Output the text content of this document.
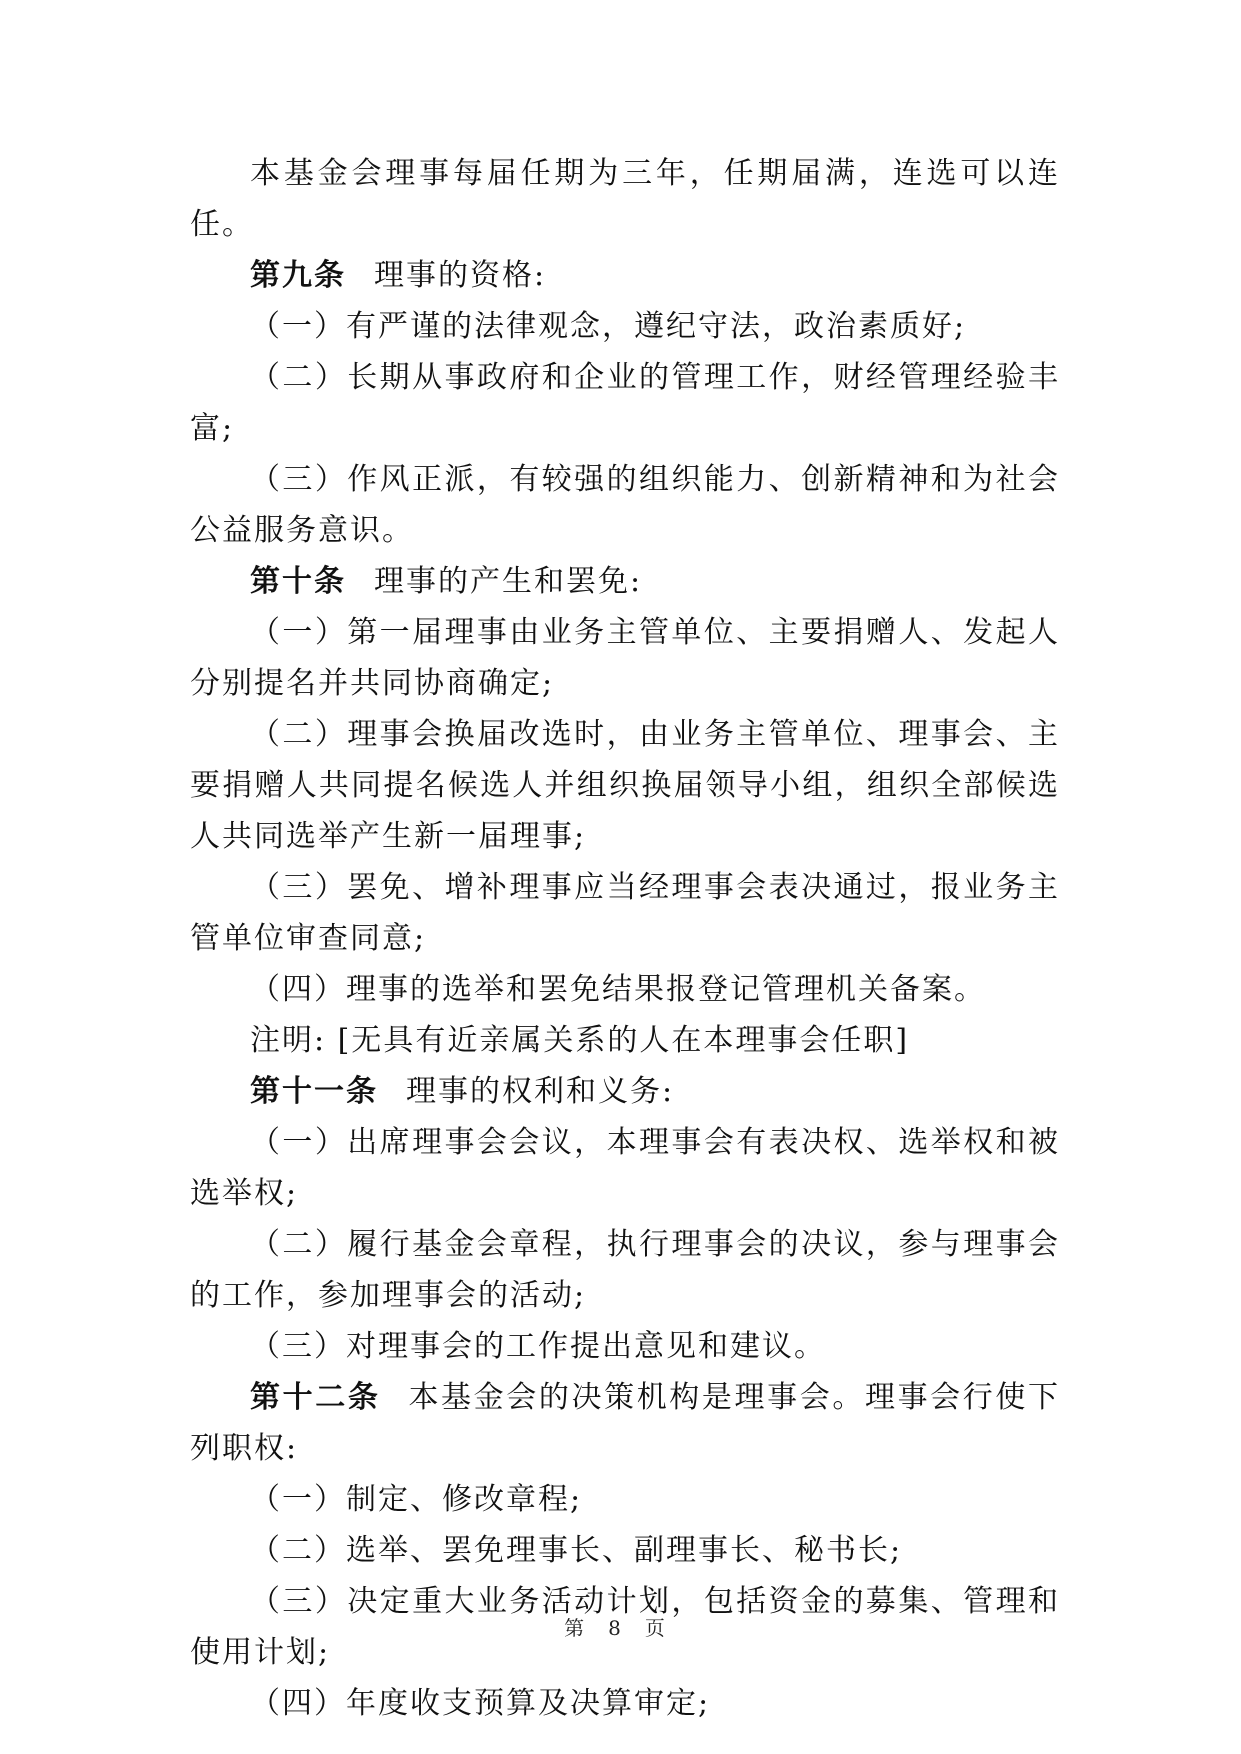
本基金会理事每届任期为三年，任期届满，连选可以连任。

第九条 理事的资格:

（一）有严谨的法律观念，遵纪守法，政治素质好;

（二）长期从事政府和企业的管理工作，财经管理经验丰富;

（三）作风正派，有较强的组织能力、创新精神和为社会公益服务意识。

第十条 理事的产生和罢免:

（一）第一届理事由业务主管单位、主要捐赠人、发起人分别提名并共同协商确定;

（二）理事会换届改选时，由业务主管单位、理事会、主要捐赠人共同提名候选人并组织换届领导小组，组织全部候选人共同选举产生新一届理事;

（三）罢免、增补理事应当经理事会表决通过，报业务主管单位审查同意;

（四）理事的选举和罢免结果报登记管理机关备案。

注明: [无具有近亲属关系的人在本理事会任职]

第十一条 理事的权利和义务:

（一）出席理事会会议，本理事会有表决权、选举权和被选举权;

（二）履行基金会章程，执行理事会的决议，参与理事会的工作，参加理事会的活动;

（三）对理事会的工作提出意见和建议。

第十二条 本基金会的决策机构是理事会。理事会行使下列职权:

（一）制定、修改章程;

（二）选举、罢免理事长、副理事长、秘书长;

（三）决定重大业务活动计划，包括资金的募集、管理和使用计划;

（四）年度收支预算及决算审定;

第 8 页
